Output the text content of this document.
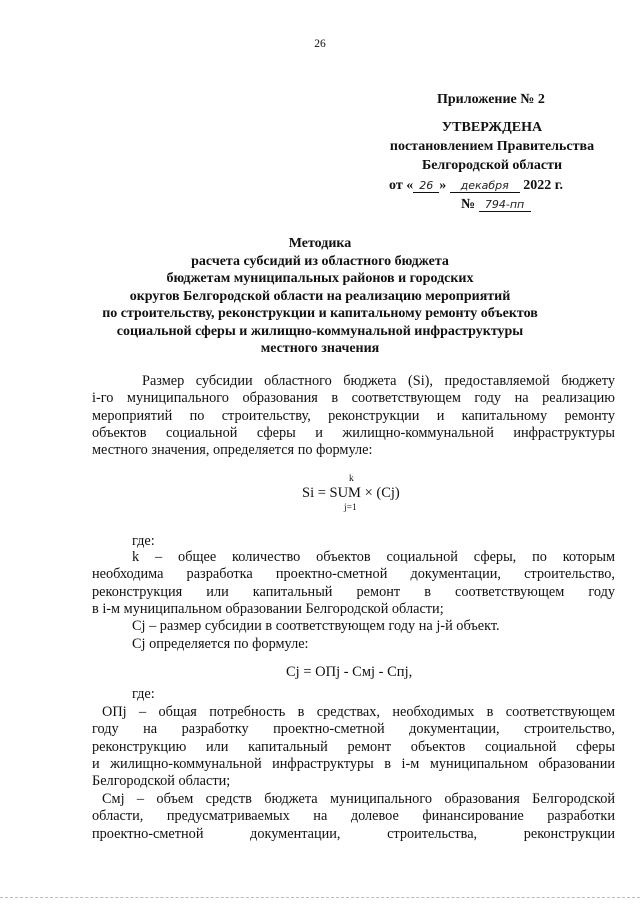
26
Приложение № 2
УТВЕРЖДЕНА
постановлением Правительства
Белгородской области
от « 26 » декабря 2022 г.
№ 794-пп
Методика
расчета субсидий из областного бюджета
бюджетам муниципальных районов и городских
округов Белгородской области на реализацию мероприятий
по строительству, реконструкции и капитальному ремонту объектов
социальной сферы и жилищно-коммунальной инфраструктуры
местного значения
Размер субсидии областного бюджета (Si), предоставляемой бюджету
i-го муниципального образования в соответствующем году на реализацию
мероприятий по строительству, реконструкции и капитальному ремонту
объектов социальной сферы и жилищно-коммунальной инфраструктуры
местного значения, определяется по формуле:
k
Si = SUM × (Cj)
j=1
где:
k – общее количество объектов социальной сферы, по которым
необходима разработка проектно-сметной документации, строительство,
реконструкция или капитальный ремонт в соответствующем году
в i-м муниципальном образовании Белгородской области;
Cj – размер субсидии в соответствующем году на j-й объект.
Cj определяется по формуле:
Cj = ОПj - Cмj - Cпj,
где:
ОПj – общая потребность в средствах, необходимых в соответствующем
году на разработку проектно-сметной документации, строительство,
реконструкцию или капитальный ремонт объектов социальной сферы
и жилищно-коммунальной инфраструктуры в i-м муниципальном образовании
Белгородской области;
Смj – объем средств бюджета муниципального образования Белгородской
области, предусматриваемых на долевое финансирование разработки
проектно-сметной документации, строительства, реконструкции
